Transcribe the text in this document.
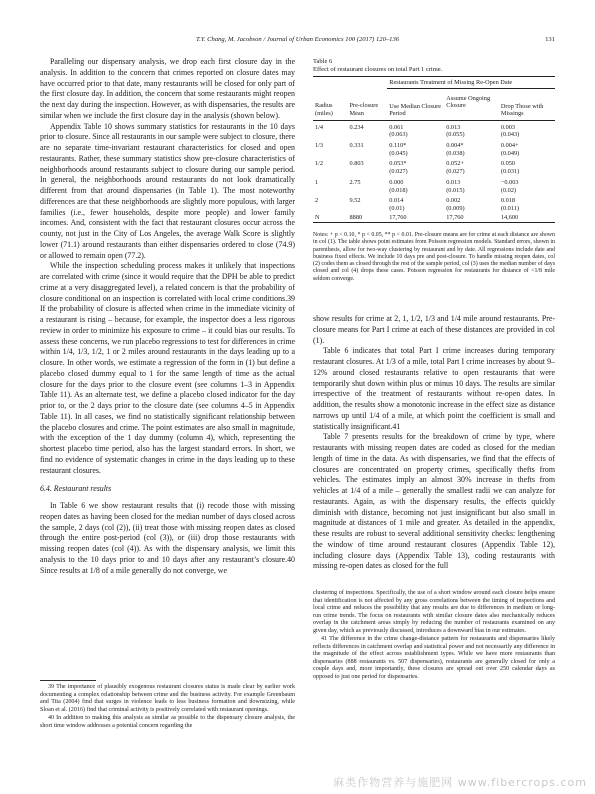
T.Y. Chang, M. Jacobson / Journal of Urban Economics 100 (2017) 120–136	131

Paralleling our dispensary analysis, we drop each first closure day in the analysis. In addition to the concern that crimes reported on closure dates may have occurred prior to that date, many restaurants will be closed for only part of the first closure day. In addition, the concern that some restaurants might reopen the next day during the inspection. However, as with dispensaries, the results are similar when we include the first closure day in the analysis (shown below).

Appendix Table 10 shows summary statistics for restaurants in the 10 days prior to closure. Since all restaurants in our sample were subject to closure, there are no separate time-invariant restaurant characteristics for closed and open restaurants. Rather, these summary statistics show pre-closure characteristics of neighborhoods around restaurants subject to closure during our sample period. In general, the neighborhoods around restaurants do not look dramatically different from that around dispensaries (in Table 1). The most noteworthy differences are that these neighborhoods are slightly more populous, with larger families (i.e., fewer households, despite more people) and lower family incomes. And, consistent with the fact that restaurant closures occur across the county, not just in the City of Los Angeles, the average Walk Score is slightly lower (71.1) around restaurants than either dispensaries ordered to close (74.9) or allowed to remain open (77.2).

While the inspection scheduling process makes it unlikely that inspections are correlated with crime (since it would require that the DPH be able to predict crime at a very disaggregated level), a related concern is that the probability of closure conditional on an inspection is correlated with local crime conditions.39 If the probability of closure is affected when crime in the immediate vicinity of a restaurant is rising – because, for example, the inspector does a less rigorous review in order to minimize his exposure to crime – it could bias our results. To assess these concerns, we run placebo regressions to test for differences in crime within 1/4, 1/3, 1/2, 1 or 2 miles around restaurants in the days leading up to a closure. In other words, we estimate a regression of the form in (1) but define a placebo closed dummy equal to 1 for the same length of time as the actual closure for the days prior to the closure event (see columns 1–3 in Appendix Table 11). As an alternate test, we define a placebo closed indicator for the day prior to, or the 2 days prior to the closure date (see columns 4–5 in Appendix Table 11). In all cases, we find no statistically significant relationship between the placebo closures and crime. The point estimates are also small in magnitude, with the exception of the 1 day dummy (column 4), which, representing the shortest placebo time period, also has the largest standard errors. In short, we find no evidence of systematic changes in crime in the days leading up to these restaurant closures.

6.4. Restaurant results

In Table 6 we show restaurant results that (i) recode those with missing reopen dates as having been closed for the median number of days closed across the sample, 2 days (col (2)), (ii) treat those with missing reopen dates as closed through the entire post-period (col (3)), or (iii) drop those restaurants with missing reopen dates (col (4)). As with the dispensary analysis, we limit this analysis to the 10 days prior to and 10 days after any restaurant’s closure.40 Since results at 1/8 of a mile generally do not converge, we

39 The importance of plausibly exogenous restaurant closures status is made clear by earlier work documenting a complex relationship between crime and the business activity. For example Greenbaum and Tita (2004) find that surges in violence leads to less business formation and downsizing, while Sloan et al. (2016) find that criminal activity is positively correlated with restaurant openings.

40 In addition to making this analysis as similar as possible to the dispensary closure analysis, the short time window addresses a potential concern regarding the

Table 6
Effect of restaurant closures on total Part 1 crime.
		Restaurants Treatment of Missing Re-Open Date		
Radius (miles)	Pre-closure Mean	Use Median Closure Period	Assume Ongoing Closure	Drop Those with Missings
1/4	0.234	0.061	0.013	0.003
		(0.063)	(0.055)	(0.043)
1/3	0.331	0.110*	0.004*	0.004+
		(0.045)	(0.038)	(0.049)
1/2	0.803	0.053*	0.052+	0.050
		(0.027)	(0.027)	(0.031)
1	2.75	0.000	0.013	−0.003
		(0.018)	(0.015)	(0.02)
2	9.52	0.014	0.002	0.018
		(0.01)	(0.009)	(0.011)
N	8880	17,760	17,760	14,600
Notes: + p < 0.10, * p < 0.05, ** p < 0.01. Pre-closure means are for crime at each distance are shown in col (1). The table shows point estimates from Poisson regression models. Standard errors, shown in parenthesis, allow for two-way clustering by restaurant and by date. All regressions include date and business fixed effects. We include 10 days pre and post-closure. To handle missing reopen dates, col (2) codes them as closed through the rest of the sample period, col (3) uses the median number of days closed and col (4) drops these cases. Poisson regression for restaurants for distance of <1/8 mile seldom converge.

show results for crime at 2, 1, 1/2, 1/3 and 1/4 mile around restaurants. Pre-closure means for Part I crime at each of these distances are provided in col (1).

Table 6 indicates that total Part I crime increases during temporary restaurant closures. At 1/3 of a mile, total Part I crime increases by about 9–12% around closed restaurants relative to open restaurants that were temporarily shut down within plus or minus 10 days. The results are similar irrespective of the treatment of restaurants without re-open dates. In addition, the results show a monotonic increase in the effect size as distance narrows up until 1/4 of a mile, at which point the coefficient is small and statistically insignificant.41

Table 7 presents results for the breakdown of crime by type, where restaurants with missing reopen dates are coded as closed for the median length of time in the data. As with dispensaries, we find that the effects of closures are concentrated on property crimes, specifically thefts from vehicles. The estimates imply an almost 30% increase in thefts from vehicles at 1/4 of a mile – generally the smallest radii we can analyze for restaurants. Again, as with the dispensary results, the effects quickly diminish with distance, becoming not just insignificant but also small in magnitude at distances of 1 mile and greater. As detailed in the appendix, these results are robust to several additional sensitivity checks: lengthening the window of time around restaurant closures (Appendix Table 12), including closure days (Appendix Table 13), coding restaurants with missing re-open dates as closed for the full

clustering of inspections. Specifically, the use of a short window around each closure helps ensure that identification is not affected by any gross correlations between the timing of inspections and local crime and reduces the possibility that any results are due to differences in medium or long-run crime trends. The focus on restaurants with similar closure dates also mechanically reduces overlap in the catchment areas simply by reducing the number of restaurants examined on any given day, which as previously discussed, introduces a downward bias in our estimates.

41 The difference in the crime change-distance pattern for restaurants and dispensaries likely reflects differences in catchment overlap and statistical power and not necessarily any difference in the magnitude of the effect across establishment types. While we have more restaurants than dispensaries (888 restaurants vs. 507 dispensaries), restaurants are generally closed for only a couple days and, more importantly, these closures are spread out over 250 calendar days as opposed to just one period for dispensaries.

麻类作物营养与施肥网 www.fibercrops.com
